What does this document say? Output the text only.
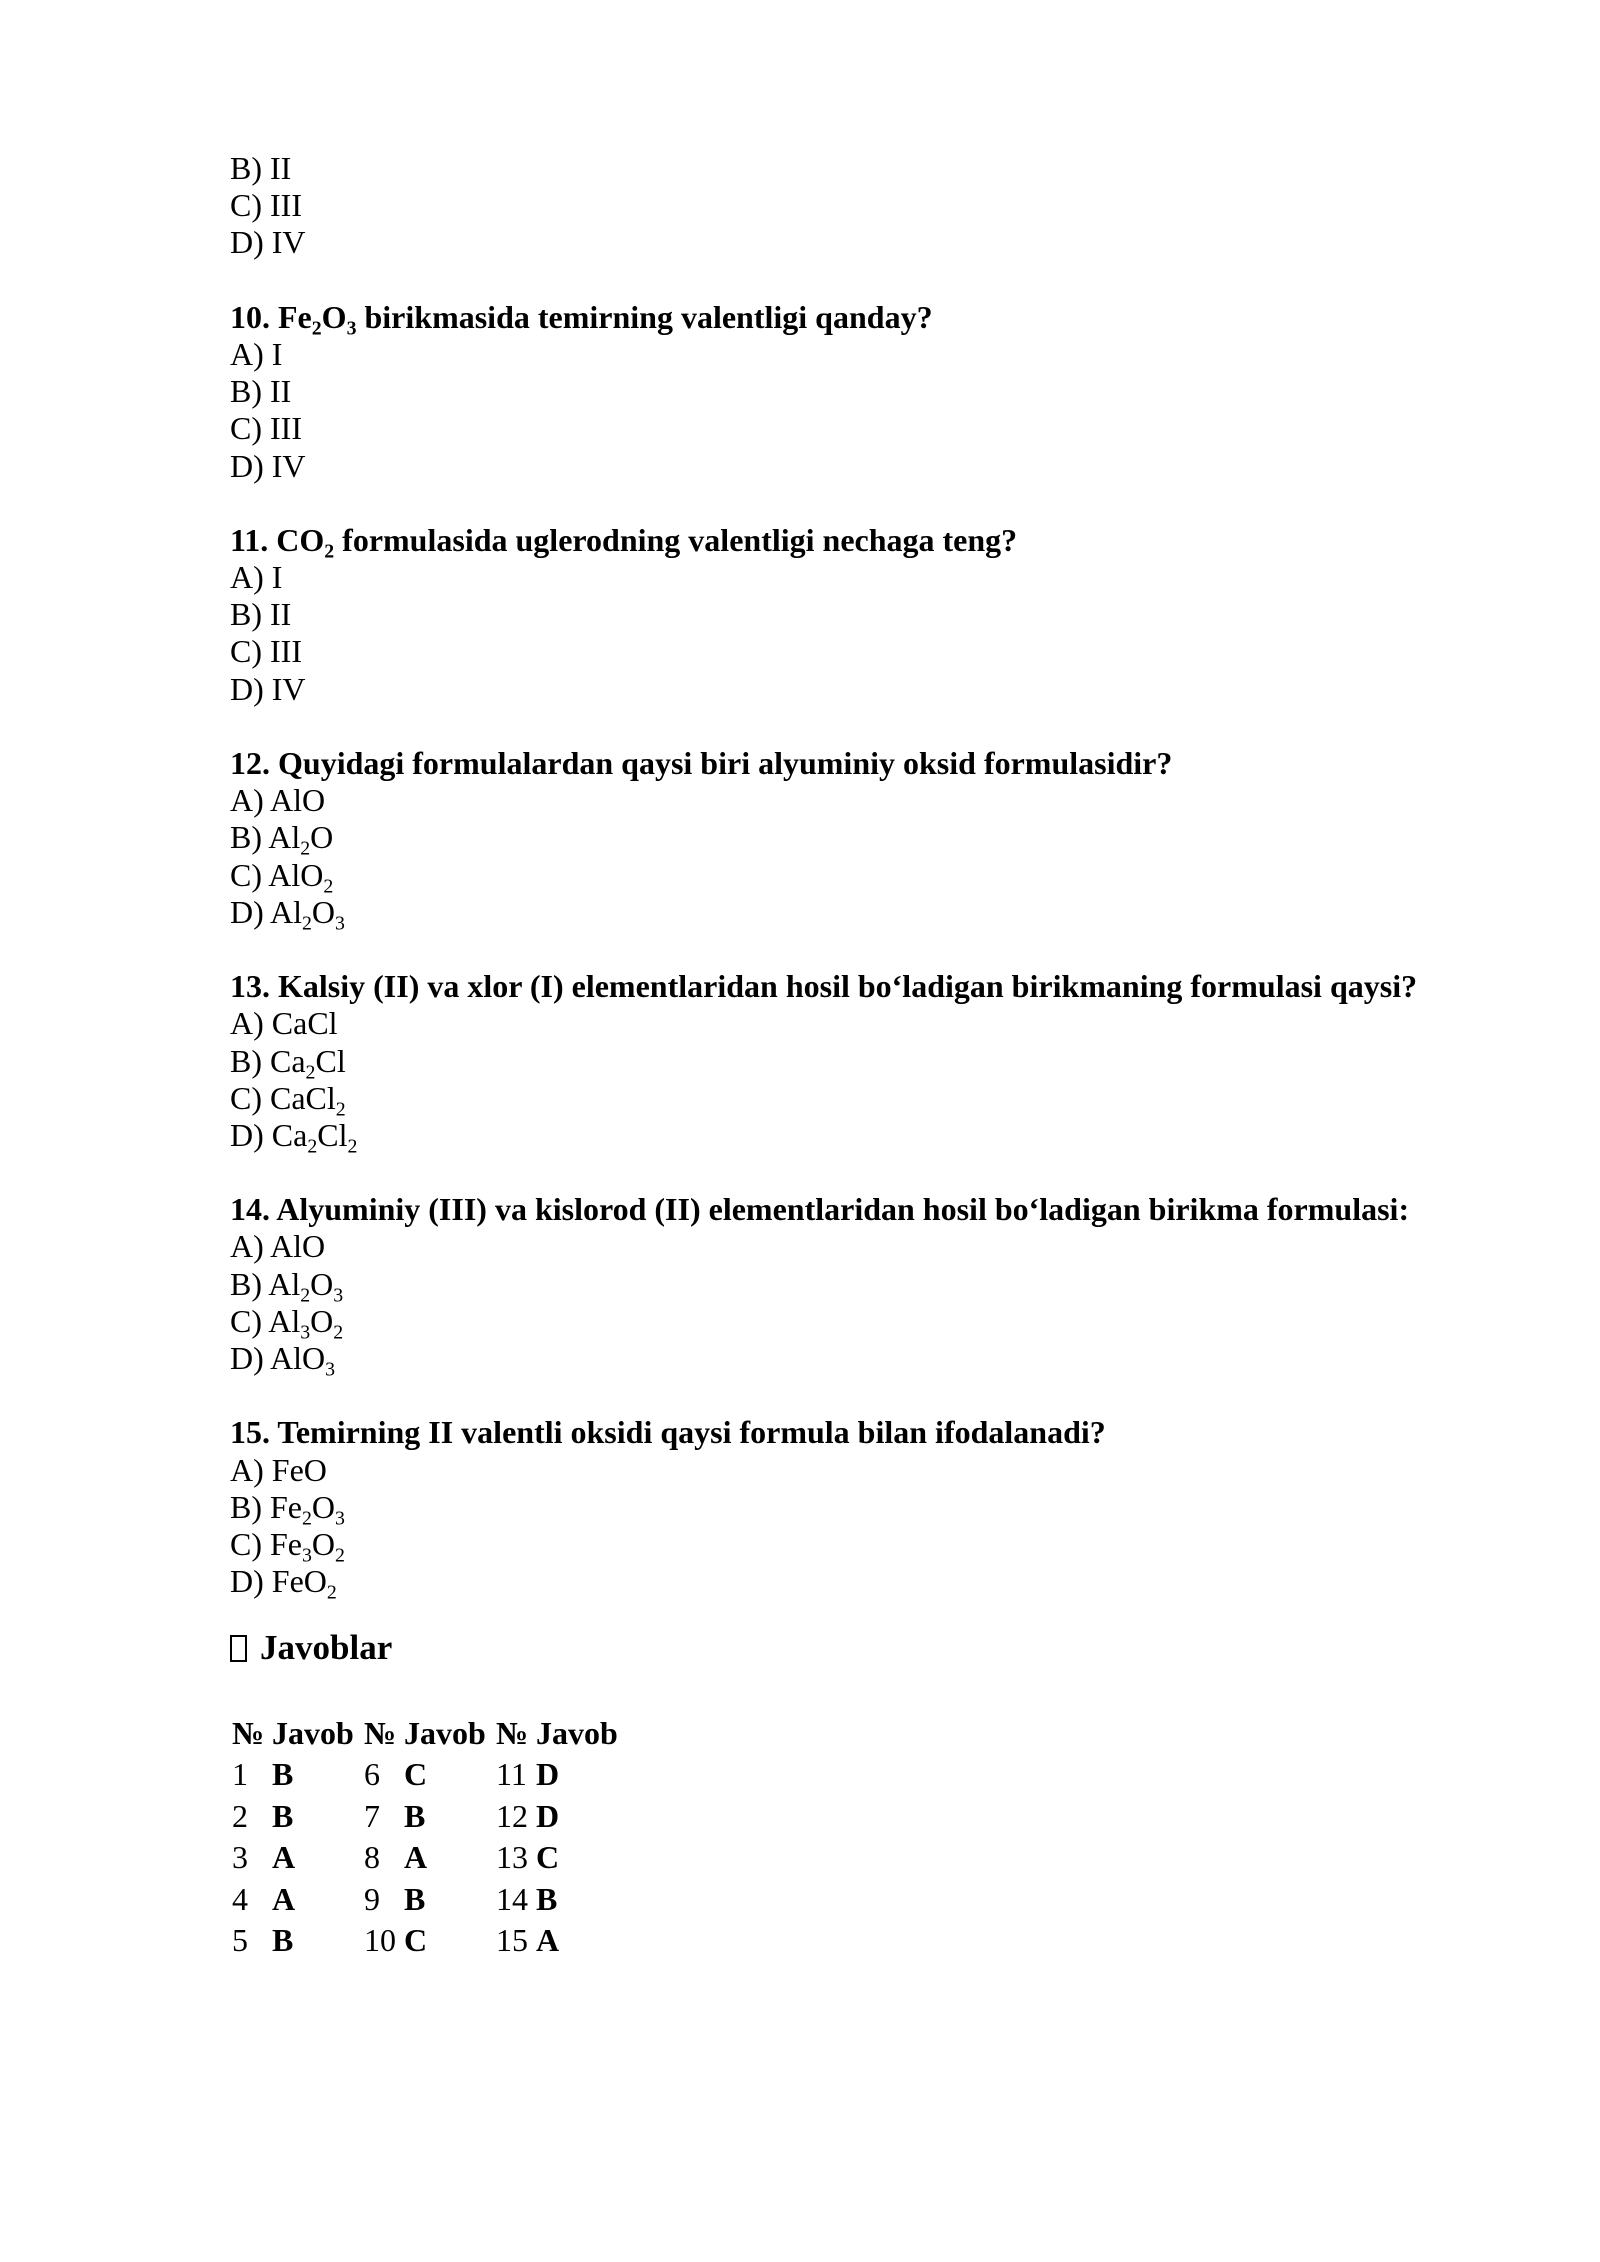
B) II
C) III
D) IV
10. $Fe_2O_3$ birikmasida temirning valentligi qanday?
A) I
B) II
C) III
D) IV
11. $CO_2$ formulasida uglerodning valentligi nechaga teng?
A) I
B) II
C) III
D) IV
12. Quyidagi formulalardan qaysi biri alyuminiy oksid formulasidir?
A) AlO
B) $Al_2O$
C) AlO$_2$
D) $Al_2O_3$
13. Kalsiy (II) va xlor (I) elementlaridan hosil bo‘ladigan birikmaning formulasi qaysi?
A) CaCl
B) $Ca_2Cl$
C) CaCl$_2$
D) $Ca_2Cl_2$
14. Alyuminiy (III) va kislorod (II) elementlaridan hosil bo‘ladigan birikma formulasi:
A) AlO
B) $Al_2O_3$
C) $Al_3O_2$
D) AlO$_3$
15. Temirning II valentli oksidi qaysi formula bilan ifodalanadi?
A) FeO
B) $Fe_2O_3$
C) $Fe_3O_2$
D) FeO$_2$
Javoblar
№	Javob	№	Javob	№	Javob
1	B	6	C	11	D
2	B	7	B	12	D
3	A	8	A	13	C
4	A	9	B	14	B
5	B	10	C	15	A
